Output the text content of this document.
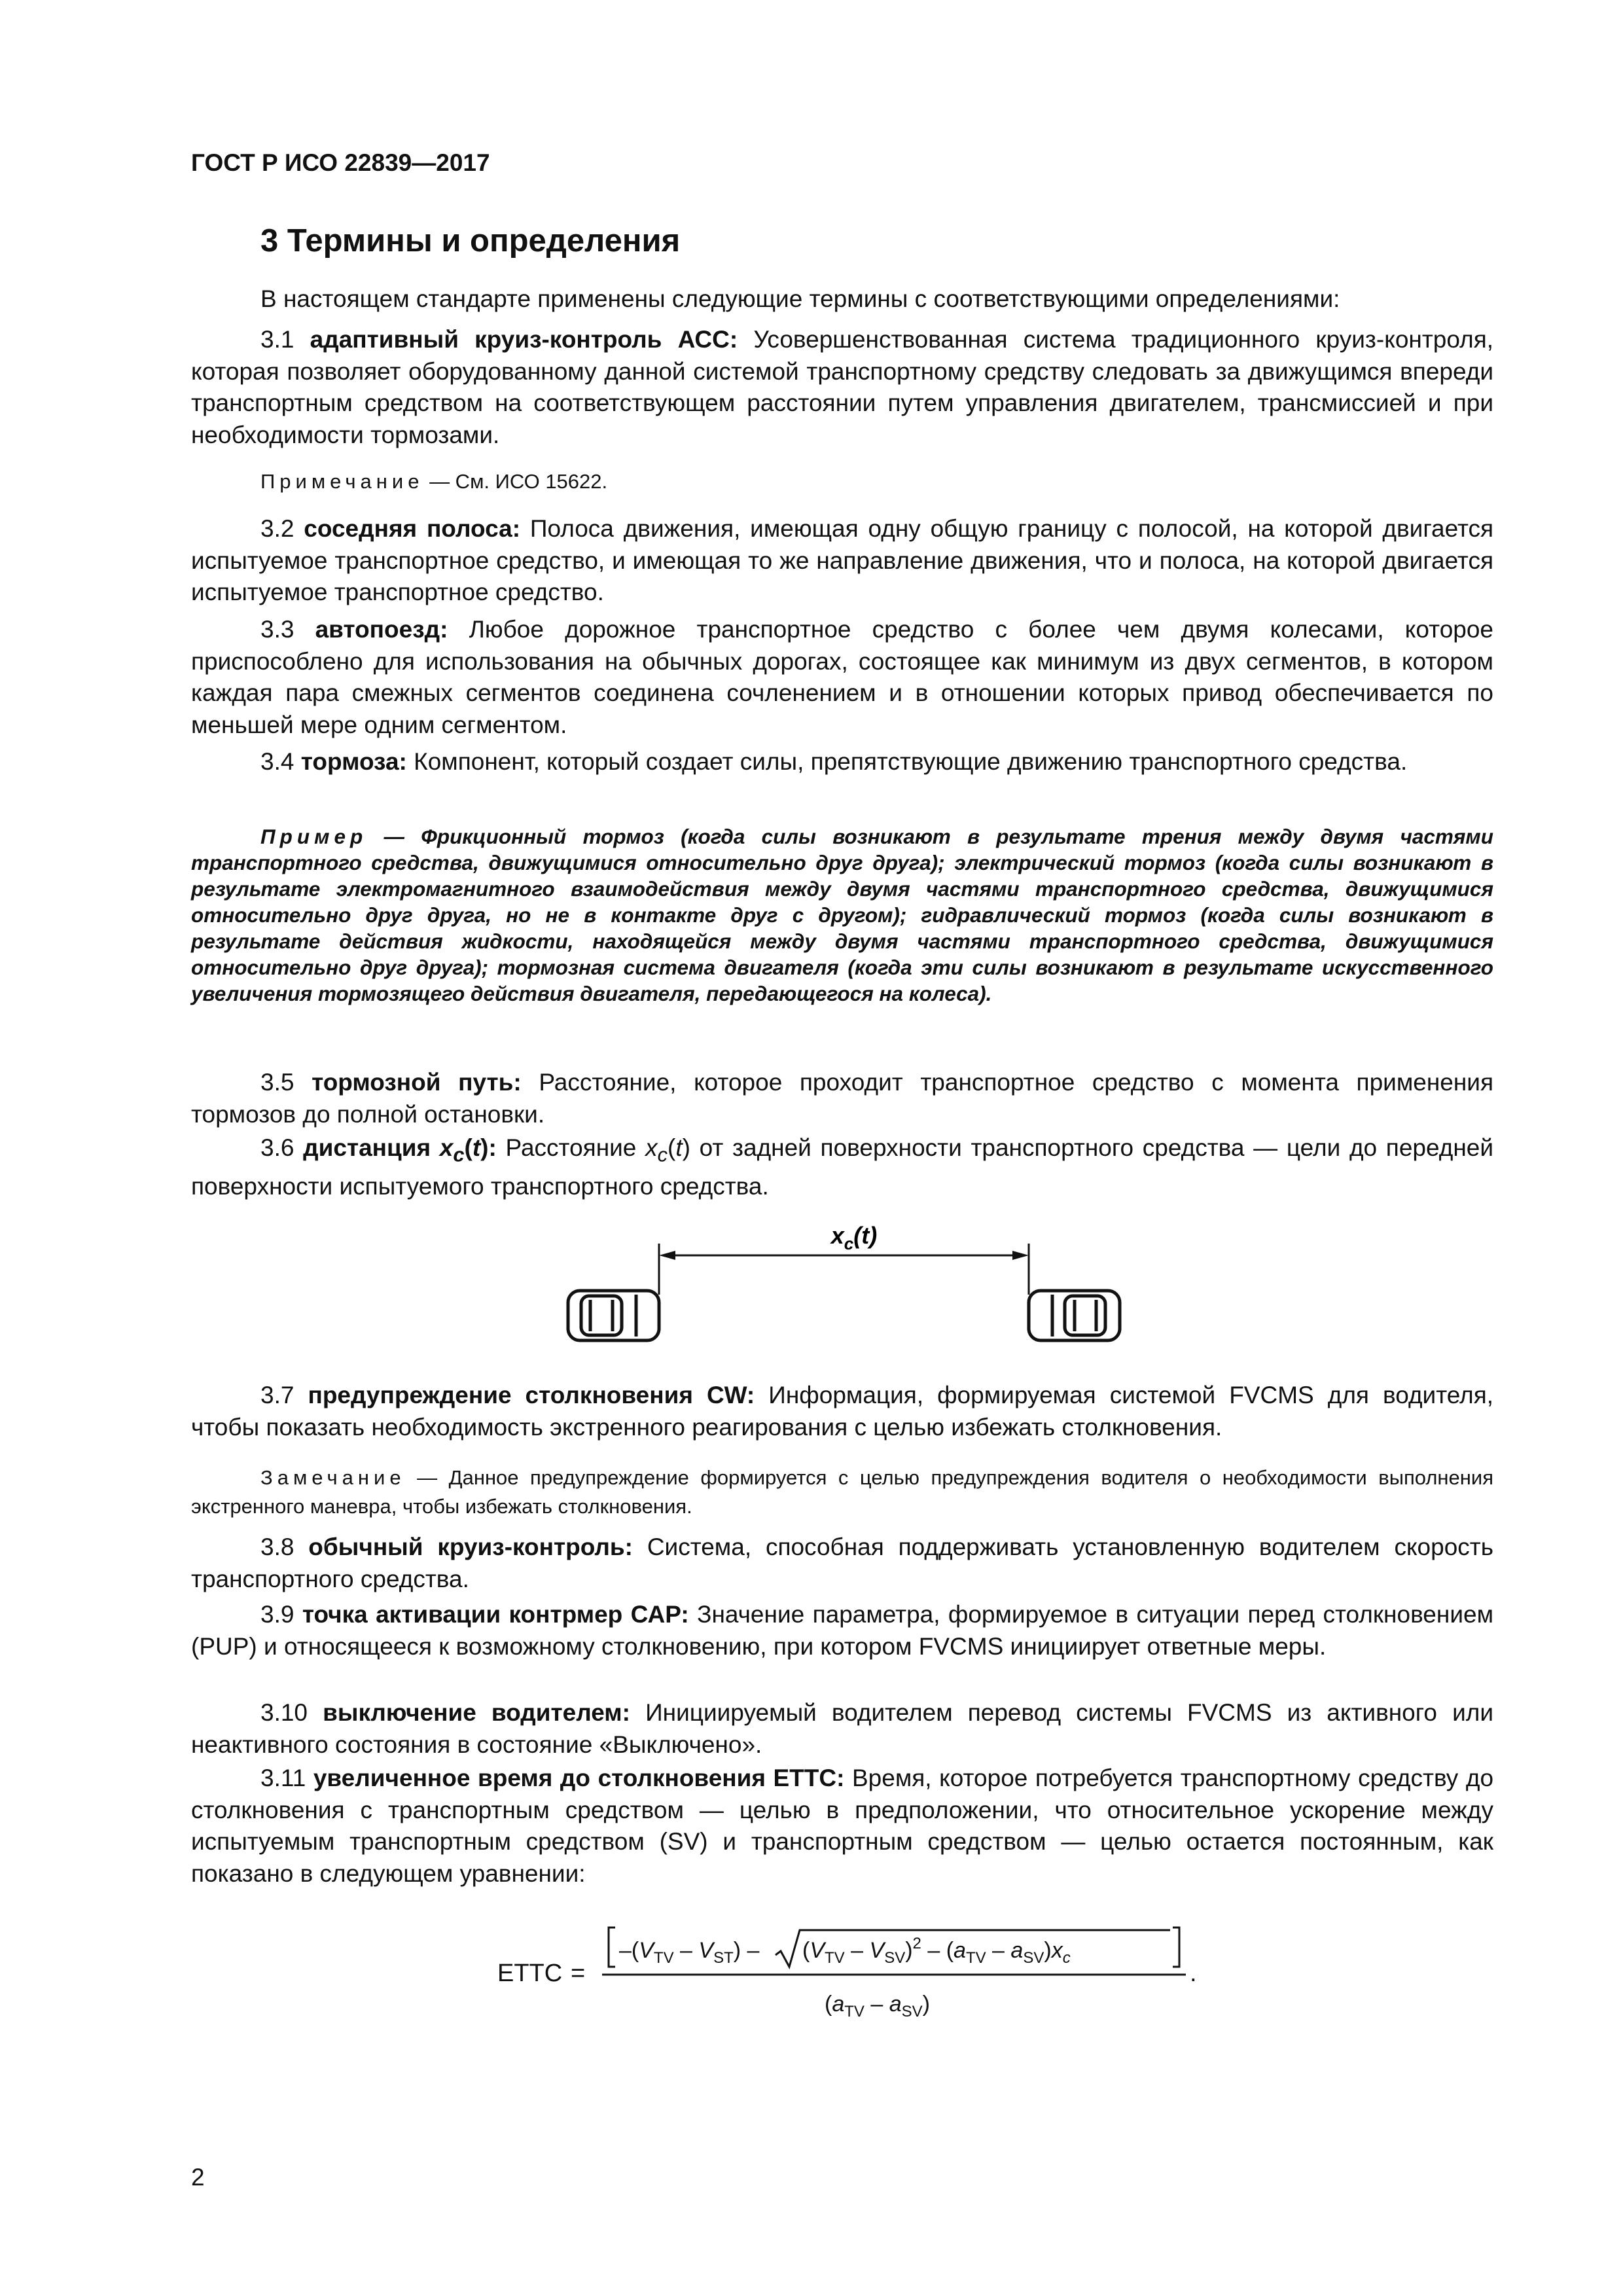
ГОСТ Р ИСО 22839—2017

3 Термины и определения

В настоящем стандарте применены следующие термины с соответствующими определениями:

3.1 адаптивный круиз-контроль АСС: Усовершенствованная система традиционного круиз-контроля, которая позволяет оборудованному данной системой транспортному средству следовать за движущимся впереди транспортным средством на соответствующем расстоянии путем управления двигателем, трансмиссией и при необходимости тормозами.

Примечание — См. ИСО 15622.

3.2 соседняя полоса: Полоса движения, имеющая одну общую границу с полосой, на которой двигается испытуемое транспортное средство, и имеющая то же направление движения, что и полоса, на которой двигается испытуемое транспортное средство.

3.3 автопоезд: Любое дорожное транспортное средство с более чем двумя колесами, которое приспособлено для использования на обычных дорогах, состоящее как минимум из двух сегментов, в котором каждая пара смежных сегментов соединена сочленением и в отношении которых привод обеспечивается по меньшей мере одним сегментом.

3.4 тормоза: Компонент, который создает силы, препятствующие движению транспортного средства.

Пример — Фрикционный тормоз (когда силы возникают в результате трения между двумя частями транспортного средства, движущимися относительно друг друга); электрический тормоз (когда силы возникают в результате электромагнитного взаимодействия между двумя частями транспортного средства, движущимися относительно друг друга, но не в контакте друг с другом); гидравлический тормоз (когда силы возникают в результате действия жидкости, находящейся между двумя частями транспортного средства, движущимися относительно друг друга); тормозная система двигателя (когда эти силы возникают в результате искусственного увеличения тормозящего действия двигателя, передающегося на колеса).

3.5 тормозной путь: Расстояние, которое проходит транспортное средство с момента применения тормозов до полной остановки.

3.6 дистанция $x_c(t)$: Расстояние $x_c(t)$ от задней поверхности транспортного средства — цели до передней поверхности испытуемого транспортного средства.

$x_c(t)$

3.7 предупреждение столкновения CW: Информация, формируемая системой FVCMS для водителя, чтобы показать необходимость экстренного реагирования с целью избежать столкновения.

Замечание — Данное предупреждение формируется с целью предупреждения водителя о необходимости выполнения экстренного маневра, чтобы избежать столкновения.

3.8 обычный круиз-контроль: Система, способная поддерживать установленную водителем скорость транспортного средства.

3.9 точка активации контрмер САР: Значение параметра, формируемое в ситуации перед столкновением (PUP) и относящееся к возможному столкновению, при котором FVCMS инициирует ответные меры.

3.10 выключение водителем: Инициируемый водителем перевод системы FVCMS из активного или неактивного состояния в состояние «Выключено».

3.11 увеличенное время до столкновения ЕТТС: Время, которое потребуется транспортному средству до столкновения с транспортным средством — целью в предположении, что относительное ускорение между испытуемым транспортным средством (SV) и транспортным средством — целью остается постоянным, как показано в следующем уравнении:

ETTC =
$-(V_{TV} - V_{ST}) - (V_{TV} - V_{SV})^2 - (a_{TV} - a_{SV})x_c$
$(a_{TV} - a_{SV})$
.

2
